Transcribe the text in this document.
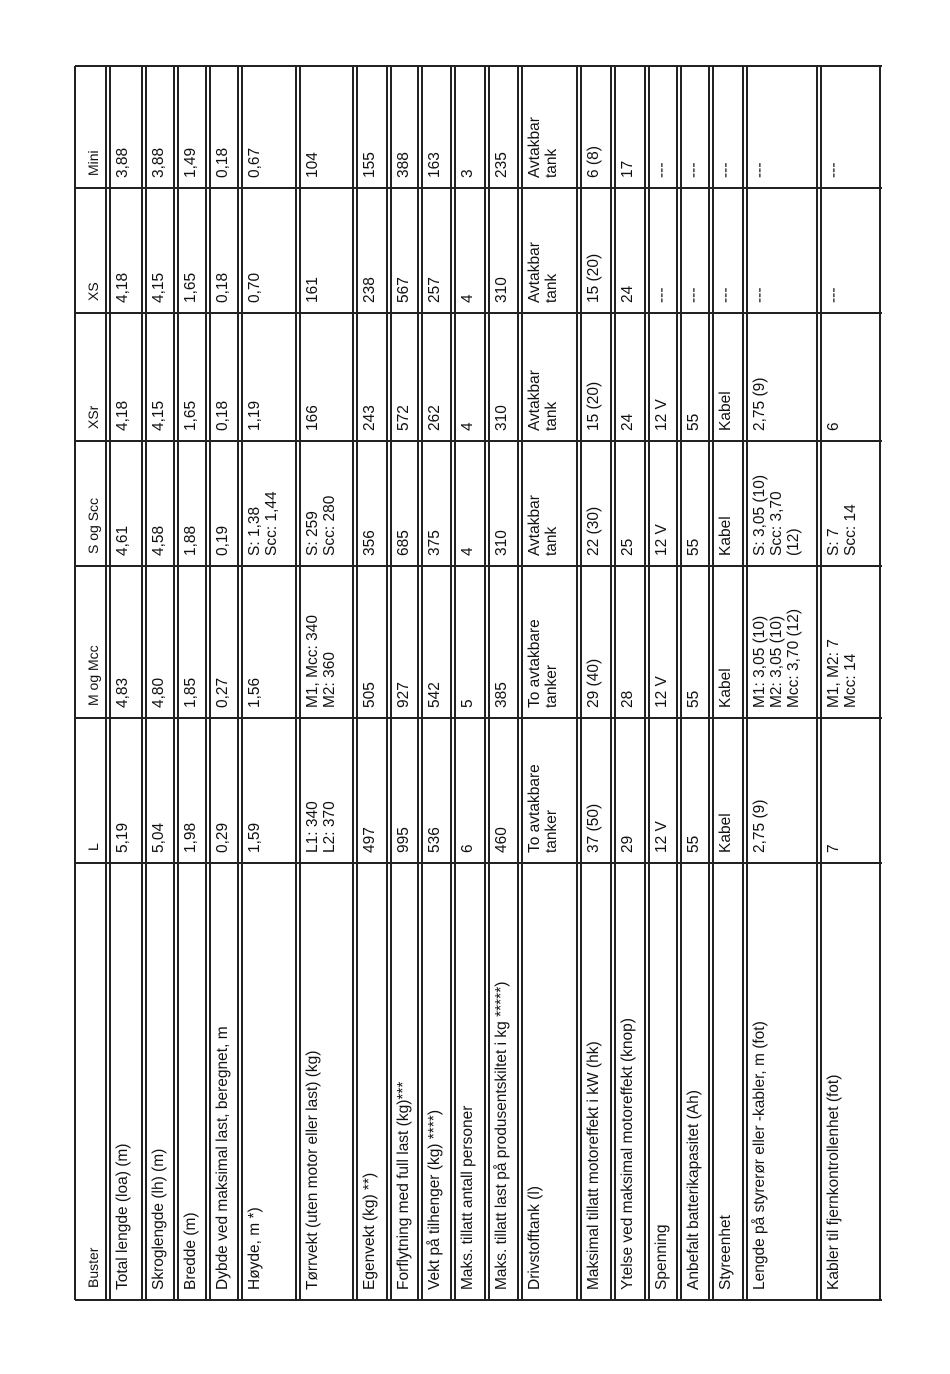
Buster
L
M og Mcc
S og Scc
XSr
XS
Mini
Total lengde (loa) (m)
5,19
4,83
4,61
4,18
4,18
3,88
Skroglengde (lh) (m)
5,04
4,80
4,58
4,15
4,15
3,88
Bredde (m)
1,98
1,85
1,88
1,65
1,65
1,49
Dybde ved maksimal last, beregnet, m
0,29
0,27
0,19
0,18
0,18
0,18
Høyde, m *)
1,59
1,56
S: 1,38 Scc: 1,44
1,19
0,70
0,67
Tørrvekt (uten motor eller last) (kg)
L1: 340 L2: 370
M1, Mcc: 340 M2: 360
S: 259 Scc: 280
166
161
104
Egenvekt (kg) **)
497
505
356
243
238
155
Forflytning med full last (kg)***
995
927
685
572
567
388
Vekt på tilhenger (kg) ****)
536
542
375
262
257
163
Maks. tillatt antall personer
6
5
4
4
4
3
Maks. tillatt last på produsentskiltet i kg *****)
460
385
310
310
310
235
Drivstofftank (l)
To avtakbare tanker
To avtakbare tanker
Avtakbar tank
Avtakbar tank
Avtakbar tank
Avtakbar tank
Maksimal tillatt motoreffekt i kW (hk)
37 (50)
29 (40)
22 (30)
15 (20)
15 (20)
6 (8)
Ytelse ved maksimal motoreffekt (knop)
29
28
25
24
24
17
Spenning
12 V
12 V
12 V
12 V
---
---
Anbefalt batterikapasitet (Ah)
55
55
55
55
---
---
Styreenhet
Kabel
Kabel
Kabel
Kabel
---
---
Lengde på styrerør eller -kabler, m (fot)
2,75 (9)
M1: 3,05 (10) M2: 3,05 (10) Mcc: 3,70 (12)
S: 3,05 (10) Scc: 3,70 (12)
2,75 (9)
---
---
Kabler til fjernkontrollenhet (fot)
7
M1, M2: 7 Mcc: 14
S: 7 Scc: 14
6
---
---
